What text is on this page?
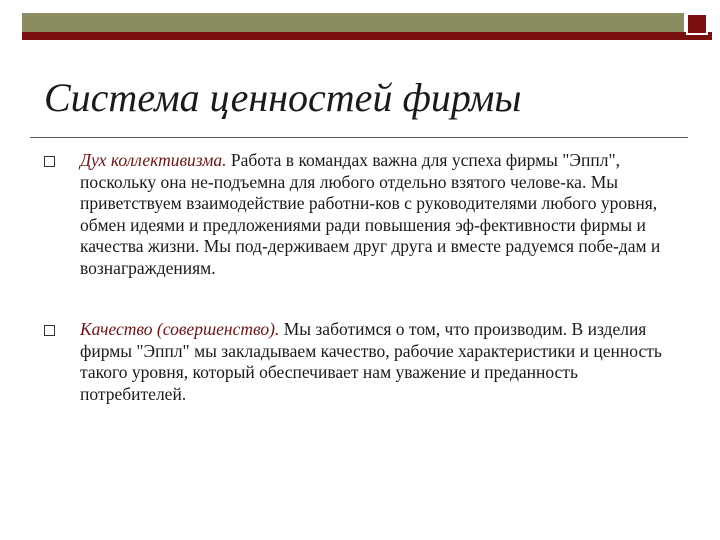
Система ценностей фирмы
Дух коллективизма. Работа в командах важна для успеха фирмы "Эппл", поскольку она не-подъемна для любого отдельно взятого челове-ка. Мы приветствуем взаимодействие работни-ков с руководителями любого уровня, обмен идеями и предложениями ради повышения эф-фективности фирмы и качества жизни. Мы под-держиваем друг друга и вместе радуемся побе-дам и вознаграждениям.
Качество (совершенство). Мы заботимся о том, что производим. В изделия фирмы "Эппл" мы закладываем качество, рабочие характеристики и ценность такого уровня, который обеспечивает нам уважение и преданность потребителей.
